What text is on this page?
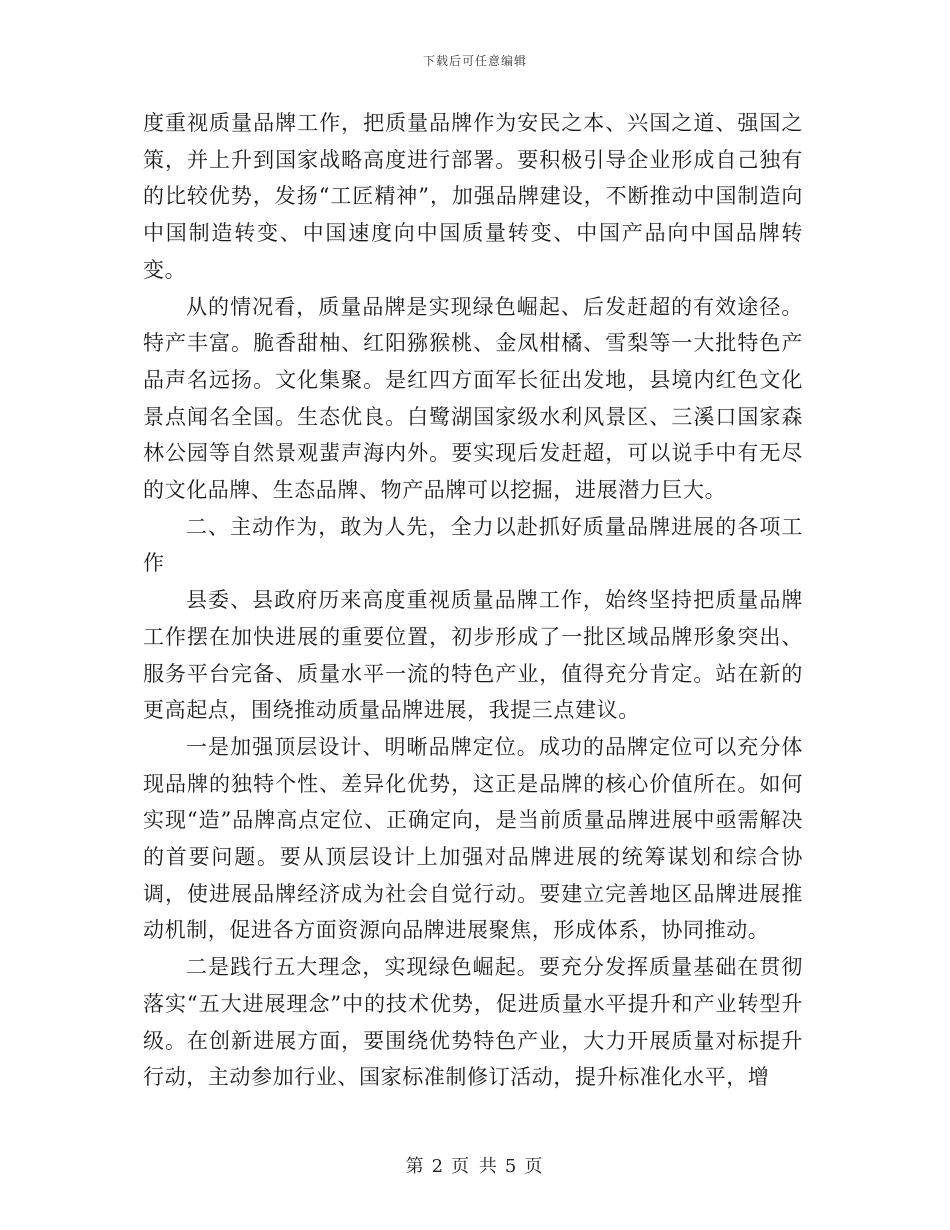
下载后可任意编辑

度重视质量品牌工作，把质量品牌作为安民之本、兴国之道、强国之策，并上升到国家战略高度进行部署。要积极引导企业形成自己独有的比较优势，发扬“工匠精神”，加强品牌建设，不断推动中国制造向中国制造转变、中国速度向中国质量转变、中国产品向中国品牌转变。

从的情况看，质量品牌是实现绿色崛起、后发赶超的有效途径。特产丰富。脆香甜柚、红阳猕猴桃、金凤柑橘、雪梨等一大批特色产品声名远扬。文化集聚。是红四方面军长征出发地，县境内红色文化景点闻名全国。生态优良。白鹭湖国家级水利风景区、三溪口国家森林公园等自然景观蜚声海内外。要实现后发赶超，可以说手中有无尽的文化品牌、生态品牌、物产品牌可以挖掘，进展潜力巨大。

二、主动作为，敢为人先，全力以赴抓好质量品牌进展的各项工作

县委、县政府历来高度重视质量品牌工作，始终坚持把质量品牌工作摆在加快进展的重要位置，初步形成了一批区域品牌形象突出、服务平台完备、质量水平一流的特色产业，值得充分肯定。站在新的更高起点，围绕推动质量品牌进展，我提三点建议。

一是加强顶层设计、明晰品牌定位。成功的品牌定位可以充分体现品牌的独特个性、差异化优势，这正是品牌的核心价值所在。如何实现“造”品牌高点定位、正确定向，是当前质量品牌进展中亟需解决的首要问题。要从顶层设计上加强对品牌进展的统筹谋划和综合协调，使进展品牌经济成为社会自觉行动。要建立完善地区品牌进展推动机制，促进各方面资源向品牌进展聚焦，形成体系，协同推动。

二是践行五大理念，实现绿色崛起。要充分发挥质量基础在贯彻落实“五大进展理念”中的技术优势，促进质量水平提升和产业转型升级。在创新进展方面，要围绕优势特色产业，大力开展质量对标提升行动，主动参加行业、国家标准制修订活动，提升标准化水平，增

第 2 页 共 5 页
